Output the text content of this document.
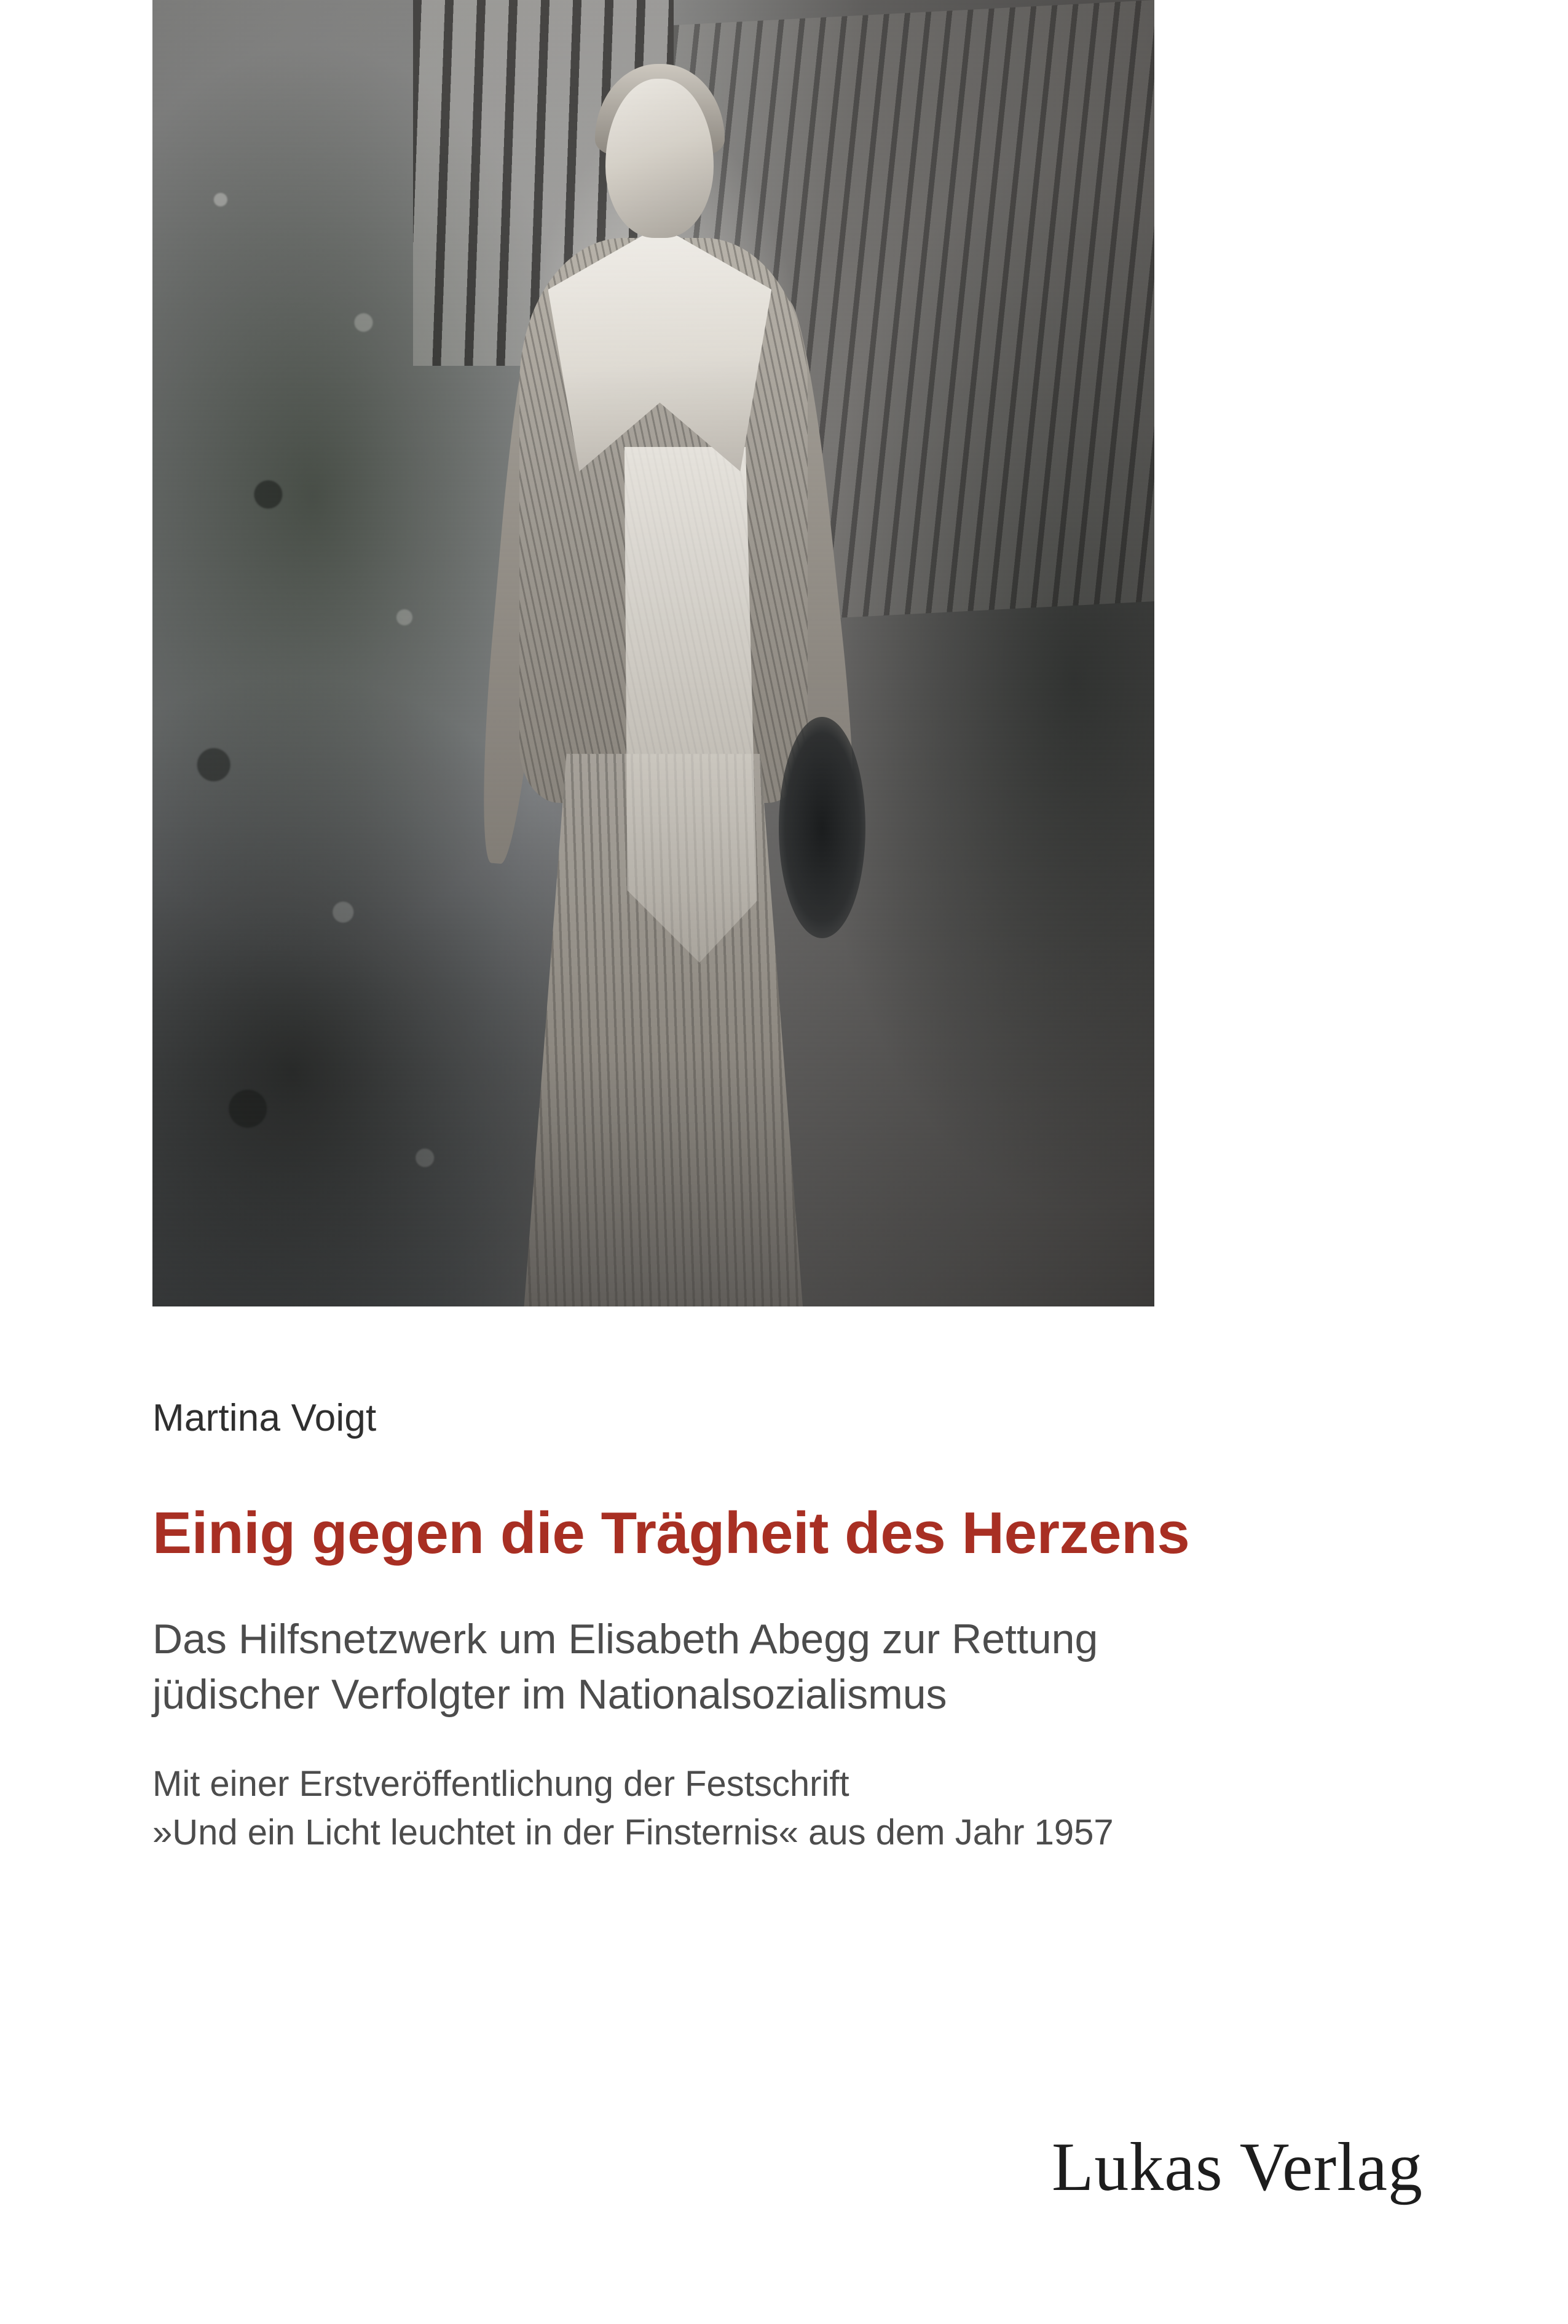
Martina Voigt

Einig gegen die Trägheit des Herzens

Das Hilfsnetzwerk um Elisabeth Abegg zur Rettung
jüdischer Verfolgter im Nationalsozialismus

Mit einer Erstveröffentlichung der Festschrift
»Und ein Licht leuchtet in der Finsternis« aus dem Jahr 1957

Lukas Verlag
